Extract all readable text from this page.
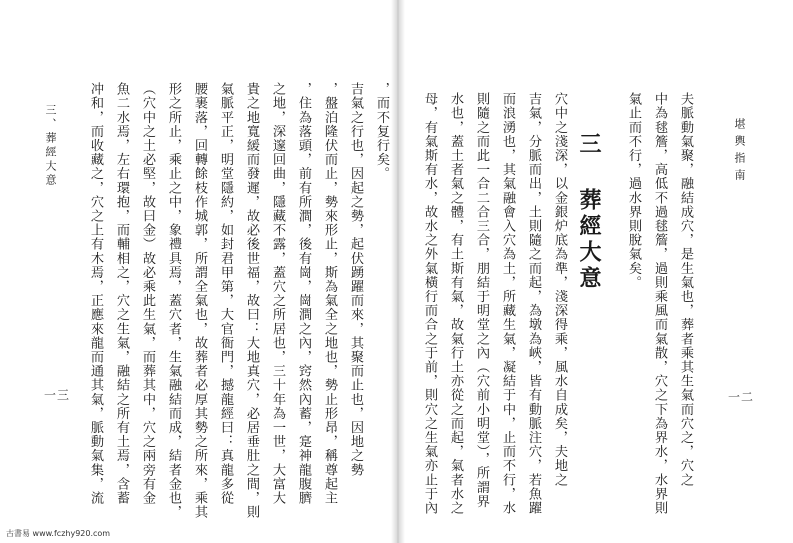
堪輿指南
一二
夫脈動氣聚，融結成穴，是生氣也，葬者乘其生氣而穴之，穴之
中為毬簷，高低不過毬簷，過則乘風而氣散，穴之下為界水，水界則
氣止而不行，過水界則脫氣矣。
三 葬經大意
穴中之淺深，以金銀炉底為準，淺深得乘，風水自成矣，夫地之
吉氣，分脈而出，土則隨之而起，為墩為峽，皆有動脈注穴，若魚躍
而浪湧也，其氣融會入穴為土，所藏生氣，凝結于中，止而不行，水
則隨之而此一合二合三合，朋結于明堂之內（穴前小明堂），所謂界
水也，蓋土者氣之體，有土斯有氣，故氣行土亦從之而起，氣者水之
母，有氣斯有水，故水之外氣橫行而合之于前，則穴之生氣亦止于內
，而不复行矣。
吉氣之行也，因起之勢，起伏踴躍而來，其聚而止也，因地之勢
，盤泊隆伏而止，勢來形止，斯為氣全之地也，勢止形昂，稱尊起主
，住為落頭，前有所澗，後有崗，崗澗之內，窍然內蓄，寔神龍腹臍
之地，深邃回曲，隱藏不露，蓋穴之所居也，三十年為一世，大富大
貴之地寬緩而發遲，故必後世福，故曰：大地真穴，必居垂肚之間，則
氣脈平正，明堂隱約，如封君甲第，大官衙門，撼龍經曰：真龍多從
腰裹落，回轉餘枝作城郭，所謂全氣也，故葬者必厚其勢之所來，乘其
形之所止，乘止之中，象禮具焉，蓋穴者，生氣融結而成，結者金也，
（穴中之土必堅，故曰金）故必乘此生氣，而葬其中，穴之兩旁有金
魚二水焉，左右環抱，而輔相之，穴之生氣，融結之所有土焉，含蓄
冲和，而收藏之，穴之上有木焉，正應來龍而通其氣，脈動氣集，流
三、葬經大意
一三
古書易 www.fczhy920.com
